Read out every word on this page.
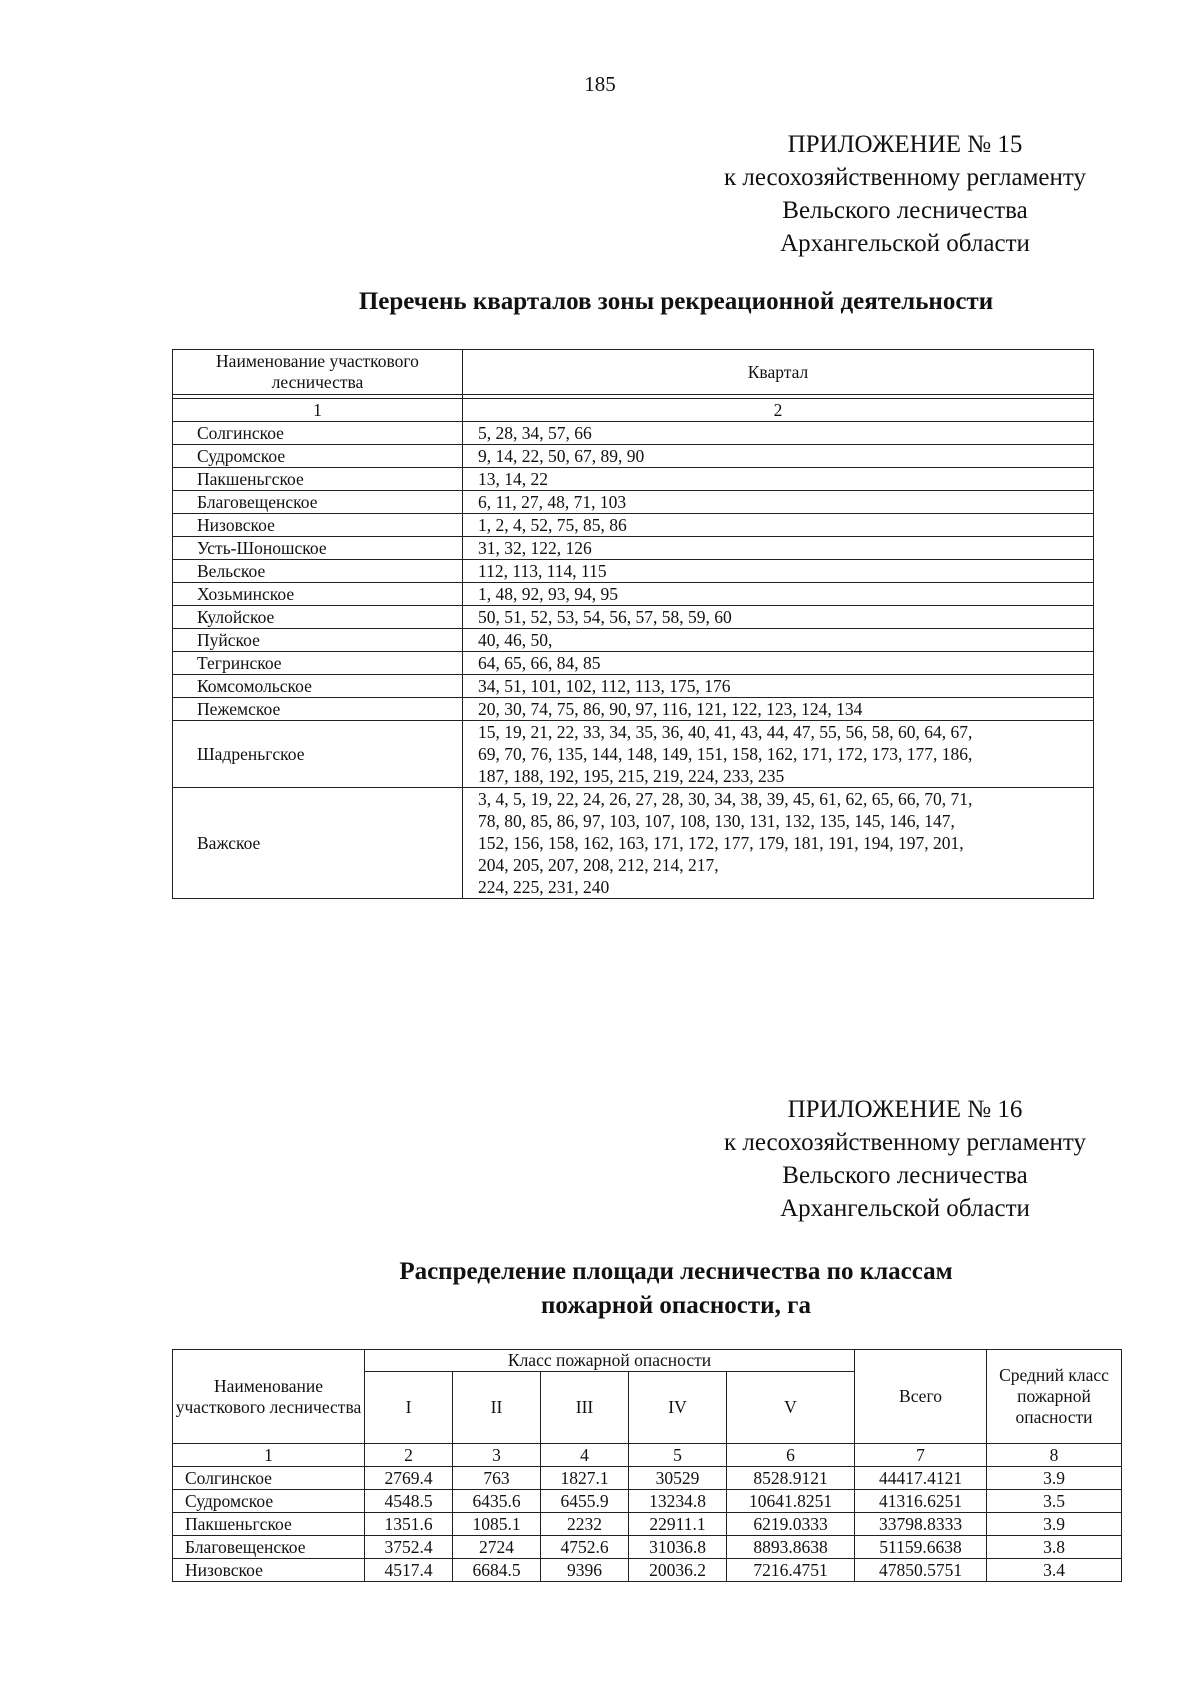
185
ПРИЛОЖЕНИЕ № 15
к лесохозяйственному регламенту
Вельского лесничества
Архангельской области
Перечень кварталов зоны рекреационной деятельности
Наименование участкового лесничества	Квартал

1	2
Солгинское	5, 28, 34, 57, 66

Судромское	9, 14, 22, 50, 67, 89, 90

Пакшеньгское	13, 14, 22

Благовещенское	6, 11, 27, 48, 71, 103

Низовское	1, 2, 4, 52, 75, 85, 86

Усть-Шоношское	31, 32, 122, 126

Вельское	112, 113, 114, 115

Хозьминское	1, 48, 92, 93, 94, 95

Кулойское	50, 51, 52, 53, 54, 56, 57, 58, 59, 60

Пуйское	40, 46, 50,

Тегринское	64, 65, 66, 84, 85

Комсомольское	34, 51, 101, 102, 112, 113, 175, 176

Пежемское	20, 30, 74, 75, 86, 90, 97, 116, 121, 122, 123, 124, 134

Шадреньгское	15, 19, 21, 22, 33, 34, 35, 36, 40, 41, 43, 44, 47, 55, 56, 58, 60, 64, 67,
69, 70, 76, 135, 144, 148, 149, 151, 158, 162, 171, 172, 173, 177, 186,
187, 188, 192, 195, 215, 219, 224, 233, 235

Важское	3, 4, 5, 19, 22, 24, 26, 27, 28, 30, 34, 38, 39, 45, 61, 62, 65, 66, 70, 71,
78, 80, 85, 86, 97, 103, 107, 108, 130, 131, 132, 135, 145, 146, 147,
152, 156, 158, 162, 163, 171, 172, 177, 179, 181, 191, 194, 197, 201,
204, 205, 207, 208, 212, 214, 217,
224, 225, 231, 240
ПРИЛОЖЕНИЕ № 16
к лесохозяйственному регламенту
Вельского лесничества
Архангельской области
Распределение площади лесничества по классам
пожарной опасности, га
Наименование участкового лесничества	Класс пожарной опасности					Всего	Средний класс пожарной опасности
	I	II	III	IV	V		
1	2	3	4	5	6	7	8
Солгинское	2769.4	763	1827.1	30529	8528.9121	44417.4121	3.9
Судромское	4548.5	6435.6	6455.9	13234.8	10641.8251	41316.6251	3.5
Пакшеньгское	1351.6	1085.1	2232	22911.1	6219.0333	33798.8333	3.9
Благовещенское	3752.4	2724	4752.6	31036.8	8893.8638	51159.6638	3.8
Низовское	4517.4	6684.5	9396	20036.2	7216.4751	47850.5751	3.4
